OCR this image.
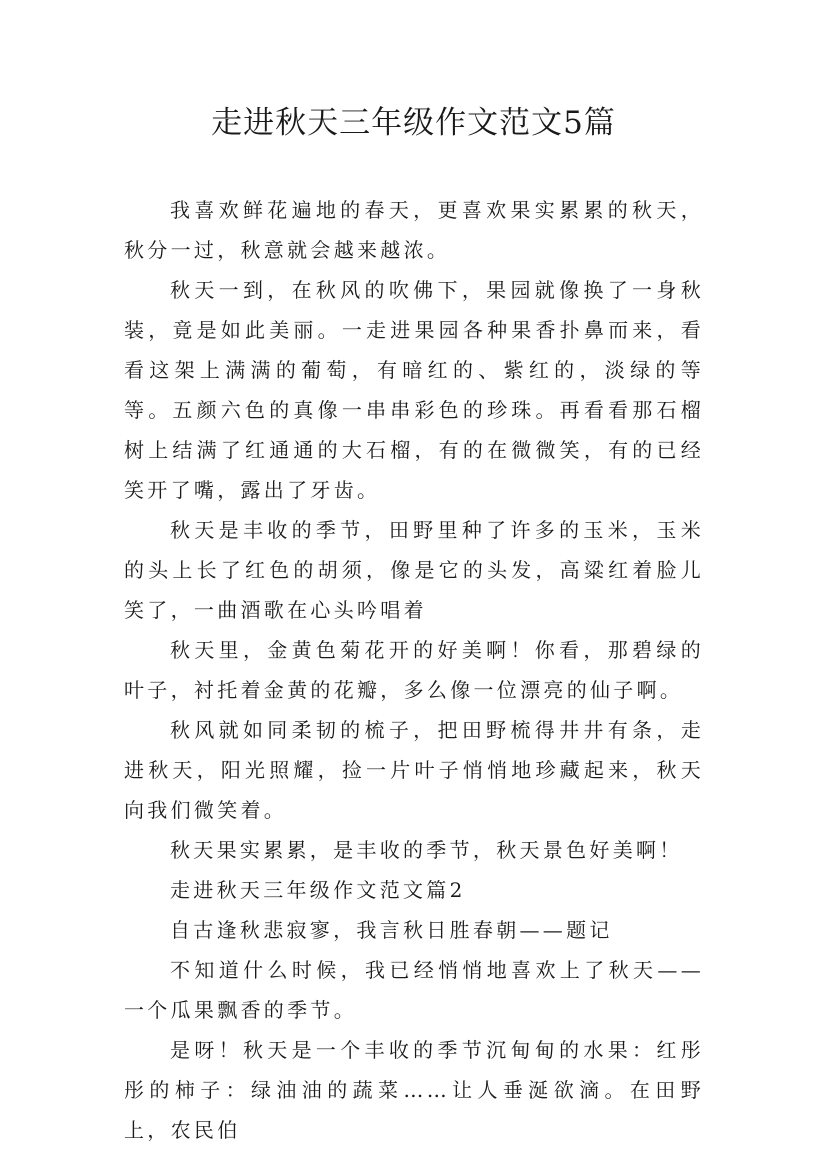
走进秋天三年级作文范文5篇

我喜欢鲜花遍地的春天，更喜欢果实累累的秋天，秋分一过，秋意就会越来越浓。

秋天一到，在秋风的吹佛下，果园就像换了一身秋装，竟是如此美丽。一走进果园各种果香扑鼻而来，看看这架上满满的葡萄，有暗红的、紫红的，淡绿的等等。五颜六色的真像一串串彩色的珍珠。再看看那石榴树上结满了红通通的大石榴，有的在微微笑，有的已经笑开了嘴，露出了牙齿。

秋天是丰收的季节，田野里种了许多的玉米，玉米的头上长了红色的胡须，像是它的头发，高粱红着脸儿笑了，一曲酒歌在心头吟唱着

秋天里，金黄色菊花开的好美啊！你看，那碧绿的叶子，衬托着金黄的花瓣，多么像一位漂亮的仙子啊。

秋风就如同柔韧的梳子，把田野梳得井井有条，走进秋天，阳光照耀，捡一片叶子悄悄地珍藏起来，秋天向我们微笑着。

秋天果实累累，是丰收的季节，秋天景色好美啊！

走进秋天三年级作文范文篇2

自古逢秋悲寂寥，我言秋日胜春朝——题记

不知道什么时候，我已经悄悄地喜欢上了秋天——一个瓜果飘香的季节。

是呀！秋天是一个丰收的季节沉甸甸的水果：红彤彤的柿子：绿油油的蔬菜……让人垂涎欲滴。在田野上，农民伯
